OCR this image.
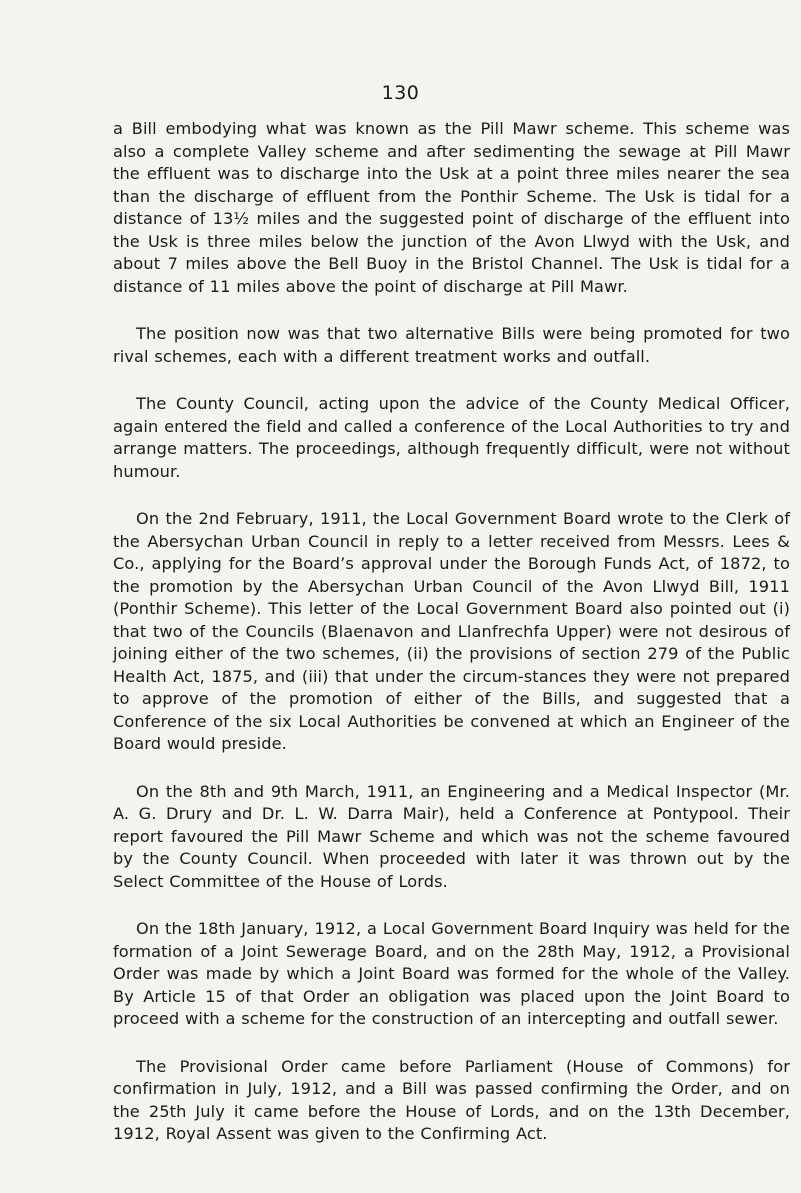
130

a Bill embodying what was known as the Pill Mawr scheme. This scheme was also a complete Valley scheme and after sedimenting the sewage at Pill Mawr the effluent was to discharge into the Usk at a point three miles nearer the sea than the discharge of effluent from the Ponthir Scheme. The Usk is tidal for a distance of 13½ miles and the suggested point of discharge of the effluent into the Usk is three miles below the junction of the Avon Llwyd with the Usk, and about 7 miles above the Bell Buoy in the Bristol Channel. The Usk is tidal for a distance of 11 miles above the point of discharge at Pill Mawr.

The position now was that two alternative Bills were being promoted for two rival schemes, each with a different treatment works and outfall.

The County Council, acting upon the advice of the County Medical Officer, again entered the field and called a conference of the Local Authorities to try and arrange matters. The proceedings, although frequently difficult, were not without humour.

On the 2nd February, 1911, the Local Government Board wrote to the Clerk of the Abersychan Urban Council in reply to a letter received from Messrs. Lees & Co., applying for the Board’s approval under the Borough Funds Act, of 1872, to the promotion by the Abersychan Urban Council of the Avon Llwyd Bill, 1911 (Ponthir Scheme). This letter of the Local Government Board also pointed out (i) that two of the Councils (Blaenavon and Llanfrechfa Upper) were not desirous of joining either of the two schemes, (ii) the provisions of section 279 of the Public Health Act, 1875, and (iii) that under the circum-stances they were not prepared to approve of the promotion of either of the Bills, and suggested that a Conference of the six Local Authorities be convened at which an Engineer of the Board would preside.

On the 8th and 9th March, 1911, an Engineering and a Medical Inspector (Mr. A. G. Drury and Dr. L. W. Darra Mair), held a Conference at Pontypool. Their report favoured the Pill Mawr Scheme and which was not the scheme favoured by the County Council. When proceeded with later it was thrown out by the Select Committee of the House of Lords.

On the 18th January, 1912, a Local Government Board Inquiry was held for the formation of a Joint Sewerage Board, and on the 28th May, 1912, a Provisional Order was made by which a Joint Board was formed for the whole of the Valley. By Article 15 of that Order an obligation was placed upon the Joint Board to proceed with a scheme for the construction of an intercepting and outfall sewer.

The Provisional Order came before Parliament (House of Commons) for confirmation in July, 1912, and a Bill was passed confirming the Order, and on the 25th July it came before the House of Lords, and on the 13th December, 1912, Royal Assent was given to the Confirming Act.
